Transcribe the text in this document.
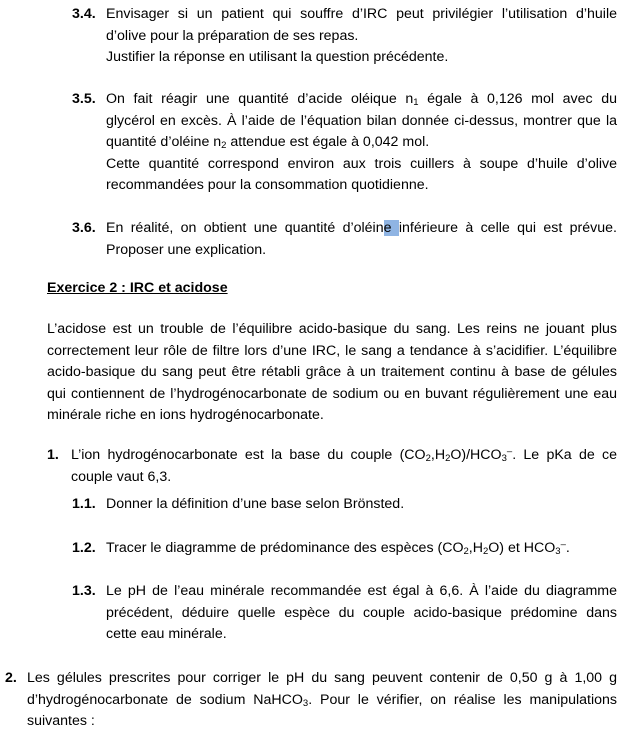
3.4. Envisager si un patient qui souffre d’IRC peut privilégier l’utilisation d’huile
d’olive pour la préparation de ses repas.
Justifier la réponse en utilisant la question précédente.
3.5. On fait réagir une quantité d’acide oléique $n_1$ égale à 0,126 mol avec du
glycérol en excès. À l’aide de l’équation bilan donnée ci-dessus, montrer que la
quantité d’oléine $n_2$ attendue est égale à 0,042 mol.
Cette quantité correspond environ aux trois cuillers à soupe d’huile d’olive
recommandées pour la consommation quotidienne.
3.6. En réalité, on obtient une quantité d’oléine inférieure à celle qui est prévue.
Proposer une explication.
Exercice 2 : IRC et acidose
L’acidose est un trouble de l’équilibre acido-basique du sang. Les reins ne jouant plus
correctement leur rôle de filtre lors d’une IRC, le sang a tendance à s’acidifier. L’équilibre
acido-basique du sang peut être rétabli grâce à un traitement continu à base de gélules
qui contiennent de l’hydrogénocarbonate de sodium ou en buvant régulièrement une eau
minérale riche en ions hydrogénocarbonate.
1. L’ion hydrogénocarbonate est la base du couple $(CO_2,H_2O)/HCO_3^-$. Le pKa de ce
couple vaut 6,3.
1.1. Donner la définition d’une base selon Brönsted.
1.2. Tracer le diagramme de prédominance des espèces $(CO_2,H_2O)$ et $HCO_3^-$.
1.3. Le pH de l’eau minérale recommandée est égal à 6,6. À l’aide du diagramme
précédent, déduire quelle espèce du couple acido-basique prédomine dans
cette eau minérale.
2. Les gélules prescrites pour corriger le pH du sang peuvent contenir de 0,50 g à 1,00 g
d’hydrogénocarbonate de sodium NaHCO$_3$. Pour le vérifier, on réalise les manipulations
suivantes :
